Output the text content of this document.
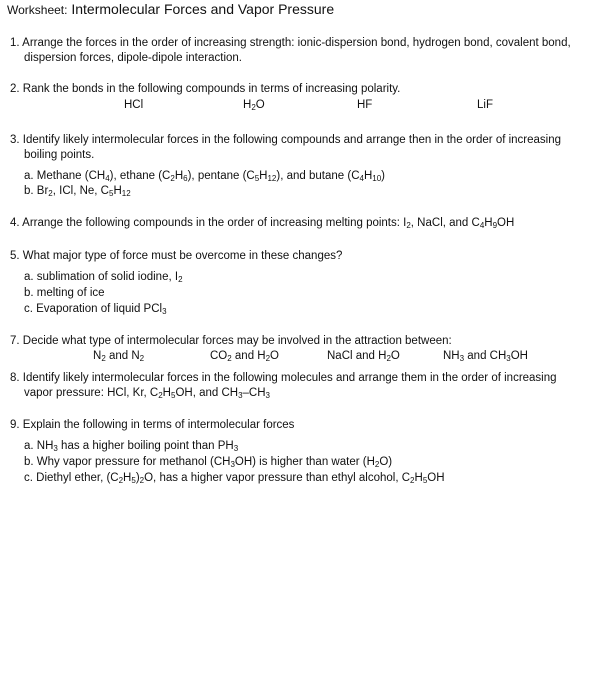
Worksheet: Intermolecular Forces and Vapor Pressure
1. Arrange the forces in the order of increasing strength: ionic-dispersion bond, hydrogen bond, covalent bond,
dispersion forces, dipole-dipole interaction.
2. Rank the bonds in the following compounds in terms of increasing polarity.
HCl	$H_2O$	HF	LiF
3. Identify likely intermolecular forces in the following compounds and arrange then in the order of increasing
boiling points.
a. Methane $(CH_4)$, ethane $(C_2H_6)$, pentane $(C_5H_{12})$, and butane $(C_4H_{10})$
b. $Br_2$, ICl, Ne, $C_5H_{12}$
4. Arrange the following compounds in the order of increasing melting points: $I_2$, NaCl, and $C_4H_9OH$
5. What major type of force must be overcome in these changes?
a. sublimation of solid iodine, $I_2$
b. melting of ice
c. Evaporation of liquid PCl$_3$
7. Decide what type of intermolecular forces may be involved in the attraction between:
$N_2$ and $N_2$	$CO_2$ and $H_2O$	NaCl and $H_2O$	$NH_3$ and $CH_3OH$
8. Identify likely intermolecular forces in the following molecules and arrange them in the order of increasing
vapor pressure: HCl, Kr, $C_2H_5OH$, and $CH_3-CH_3$
9. Explain the following in terms of intermolecular forces
a. $NH_3$ has a higher boiling point than $PH_3$
b. Why vapor pressure for methanol $(CH_3OH)$ is higher than water $(H_2O)$
c. Diethyl ether, $(C_2H_5)_2O$, has a higher vapor pressure than ethyl alcohol, $C_2H_5OH$
